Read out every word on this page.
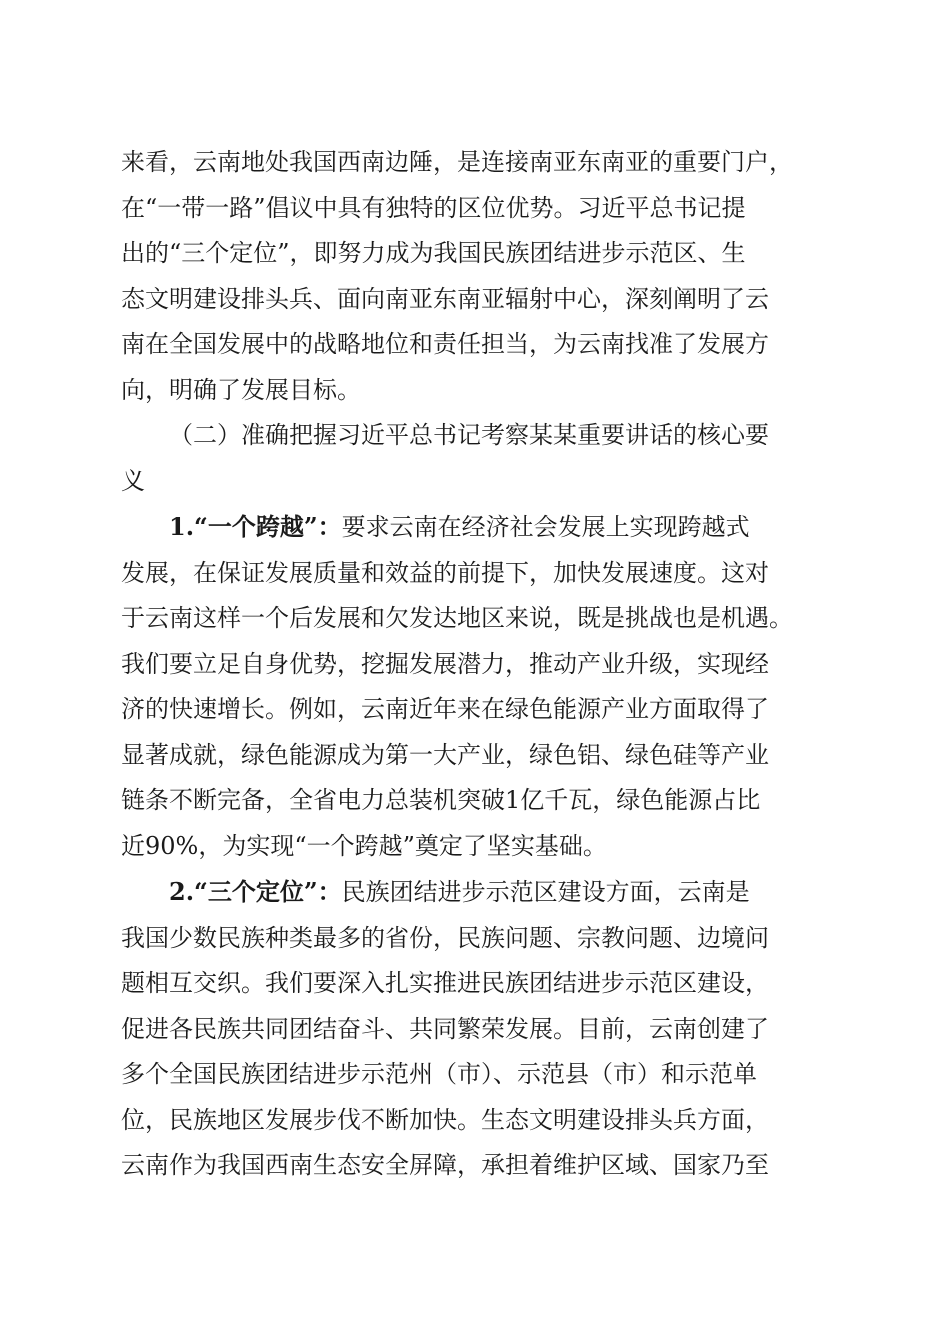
来看，云南地处我国西南边陲，是连接南亚东南亚的重要门户，
在“一带一路”倡议中具有独特的区位优势。习近平总书记提
出的“三个定位”，即努力成为我国民族团结进步示范区、生
态文明建设排头兵、面向南亚东南亚辐射中心，深刻阐明了云
南在全国发展中的战略地位和责任担当，为云南找准了发展方
向，明确了发展目标。

（二）准确把握习近平总书记考察某某重要讲话的核心要
义

1.“一个跨越”：要求云南在经济社会发展上实现跨越式
发展，在保证发展质量和效益的前提下，加快发展速度。这对
于云南这样一个后发展和欠发达地区来说，既是挑战也是机遇。
我们要立足自身优势，挖掘发展潜力，推动产业升级，实现经
济的快速增长。例如，云南近年来在绿色能源产业方面取得了
显著成就，绿色能源成为第一大产业，绿色铝、绿色硅等产业
链条不断完备，全省电力总装机突破1亿千瓦，绿色能源占比
近90%，为实现“一个跨越”奠定了坚实基础。

2.“三个定位”：民族团结进步示范区建设方面，云南是
我国少数民族种类最多的省份，民族问题、宗教问题、边境问
题相互交织。我们要深入扎实推进民族团结进步示范区建设，
促进各民族共同团结奋斗、共同繁荣发展。目前，云南创建了
多个全国民族团结进步示范州（市）、示范县（市）和示范单
位，民族地区发展步伐不断加快。生态文明建设排头兵方面，
云南作为我国西南生态安全屏障，承担着维护区域、国家乃至
